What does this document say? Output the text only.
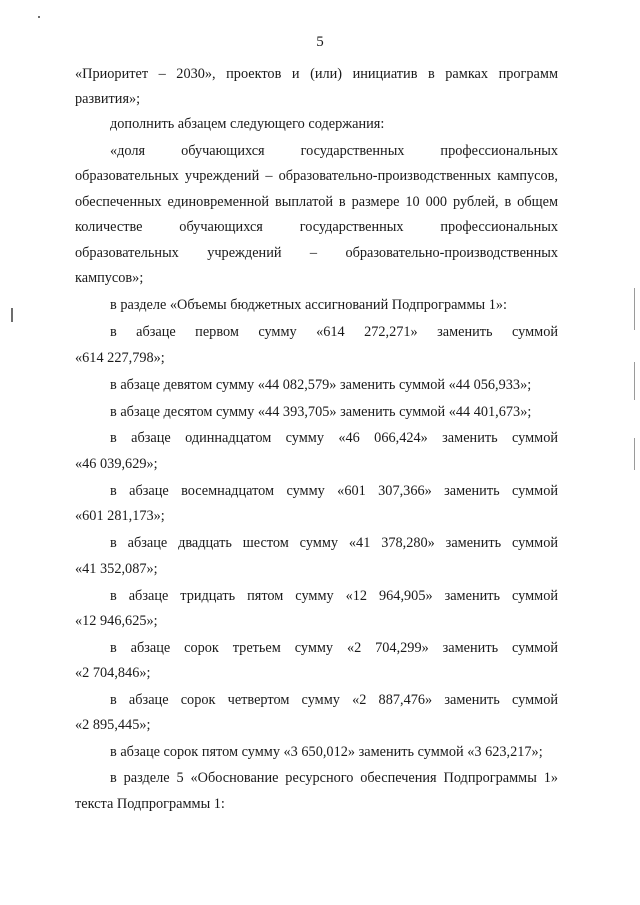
5
«Приоритет – 2030», проектов и (или) инициатив в рамках программ
развития»;
дополнить абзацем следующего содержания:
«доля обучающихся государственных профессиональных
образовательных учреждений – образовательно-производственных кампусов,
обеспеченных единовременной выплатой в размере 10 000 рублей, в общем
количестве обучающихся государственных профессиональных
образовательных учреждений – образовательно-производственных
кампусов»;
в разделе «Объемы бюджетных ассигнований Подпрограммы 1»:
в абзаце первом сумму «614 272,271» заменить суммой
«614 227,798»;
в абзаце девятом сумму «44 082,579» заменить суммой «44 056,933»;
в абзаце десятом сумму «44 393,705» заменить суммой «44 401,673»;
в абзаце одиннадцатом сумму «46 066,424» заменить суммой
«46 039,629»;
в абзаце восемнадцатом сумму «601 307,366» заменить суммой
«601 281,173»;
в абзаце двадцать шестом сумму «41 378,280» заменить суммой
«41 352,087»;
в абзаце тридцать пятом сумму «12 964,905» заменить суммой
«12 946,625»;
в абзаце сорок третьем сумму «2 704,299» заменить суммой
«2 704,846»;
в абзаце сорок четвертом сумму «2 887,476» заменить суммой
«2 895,445»;
в абзаце сорок пятом сумму «3 650,012» заменить суммой «3 623,217»;
в разделе 5 «Обоснование ресурсного обеспечения Подпрограммы 1»
текста Подпрограммы 1:
